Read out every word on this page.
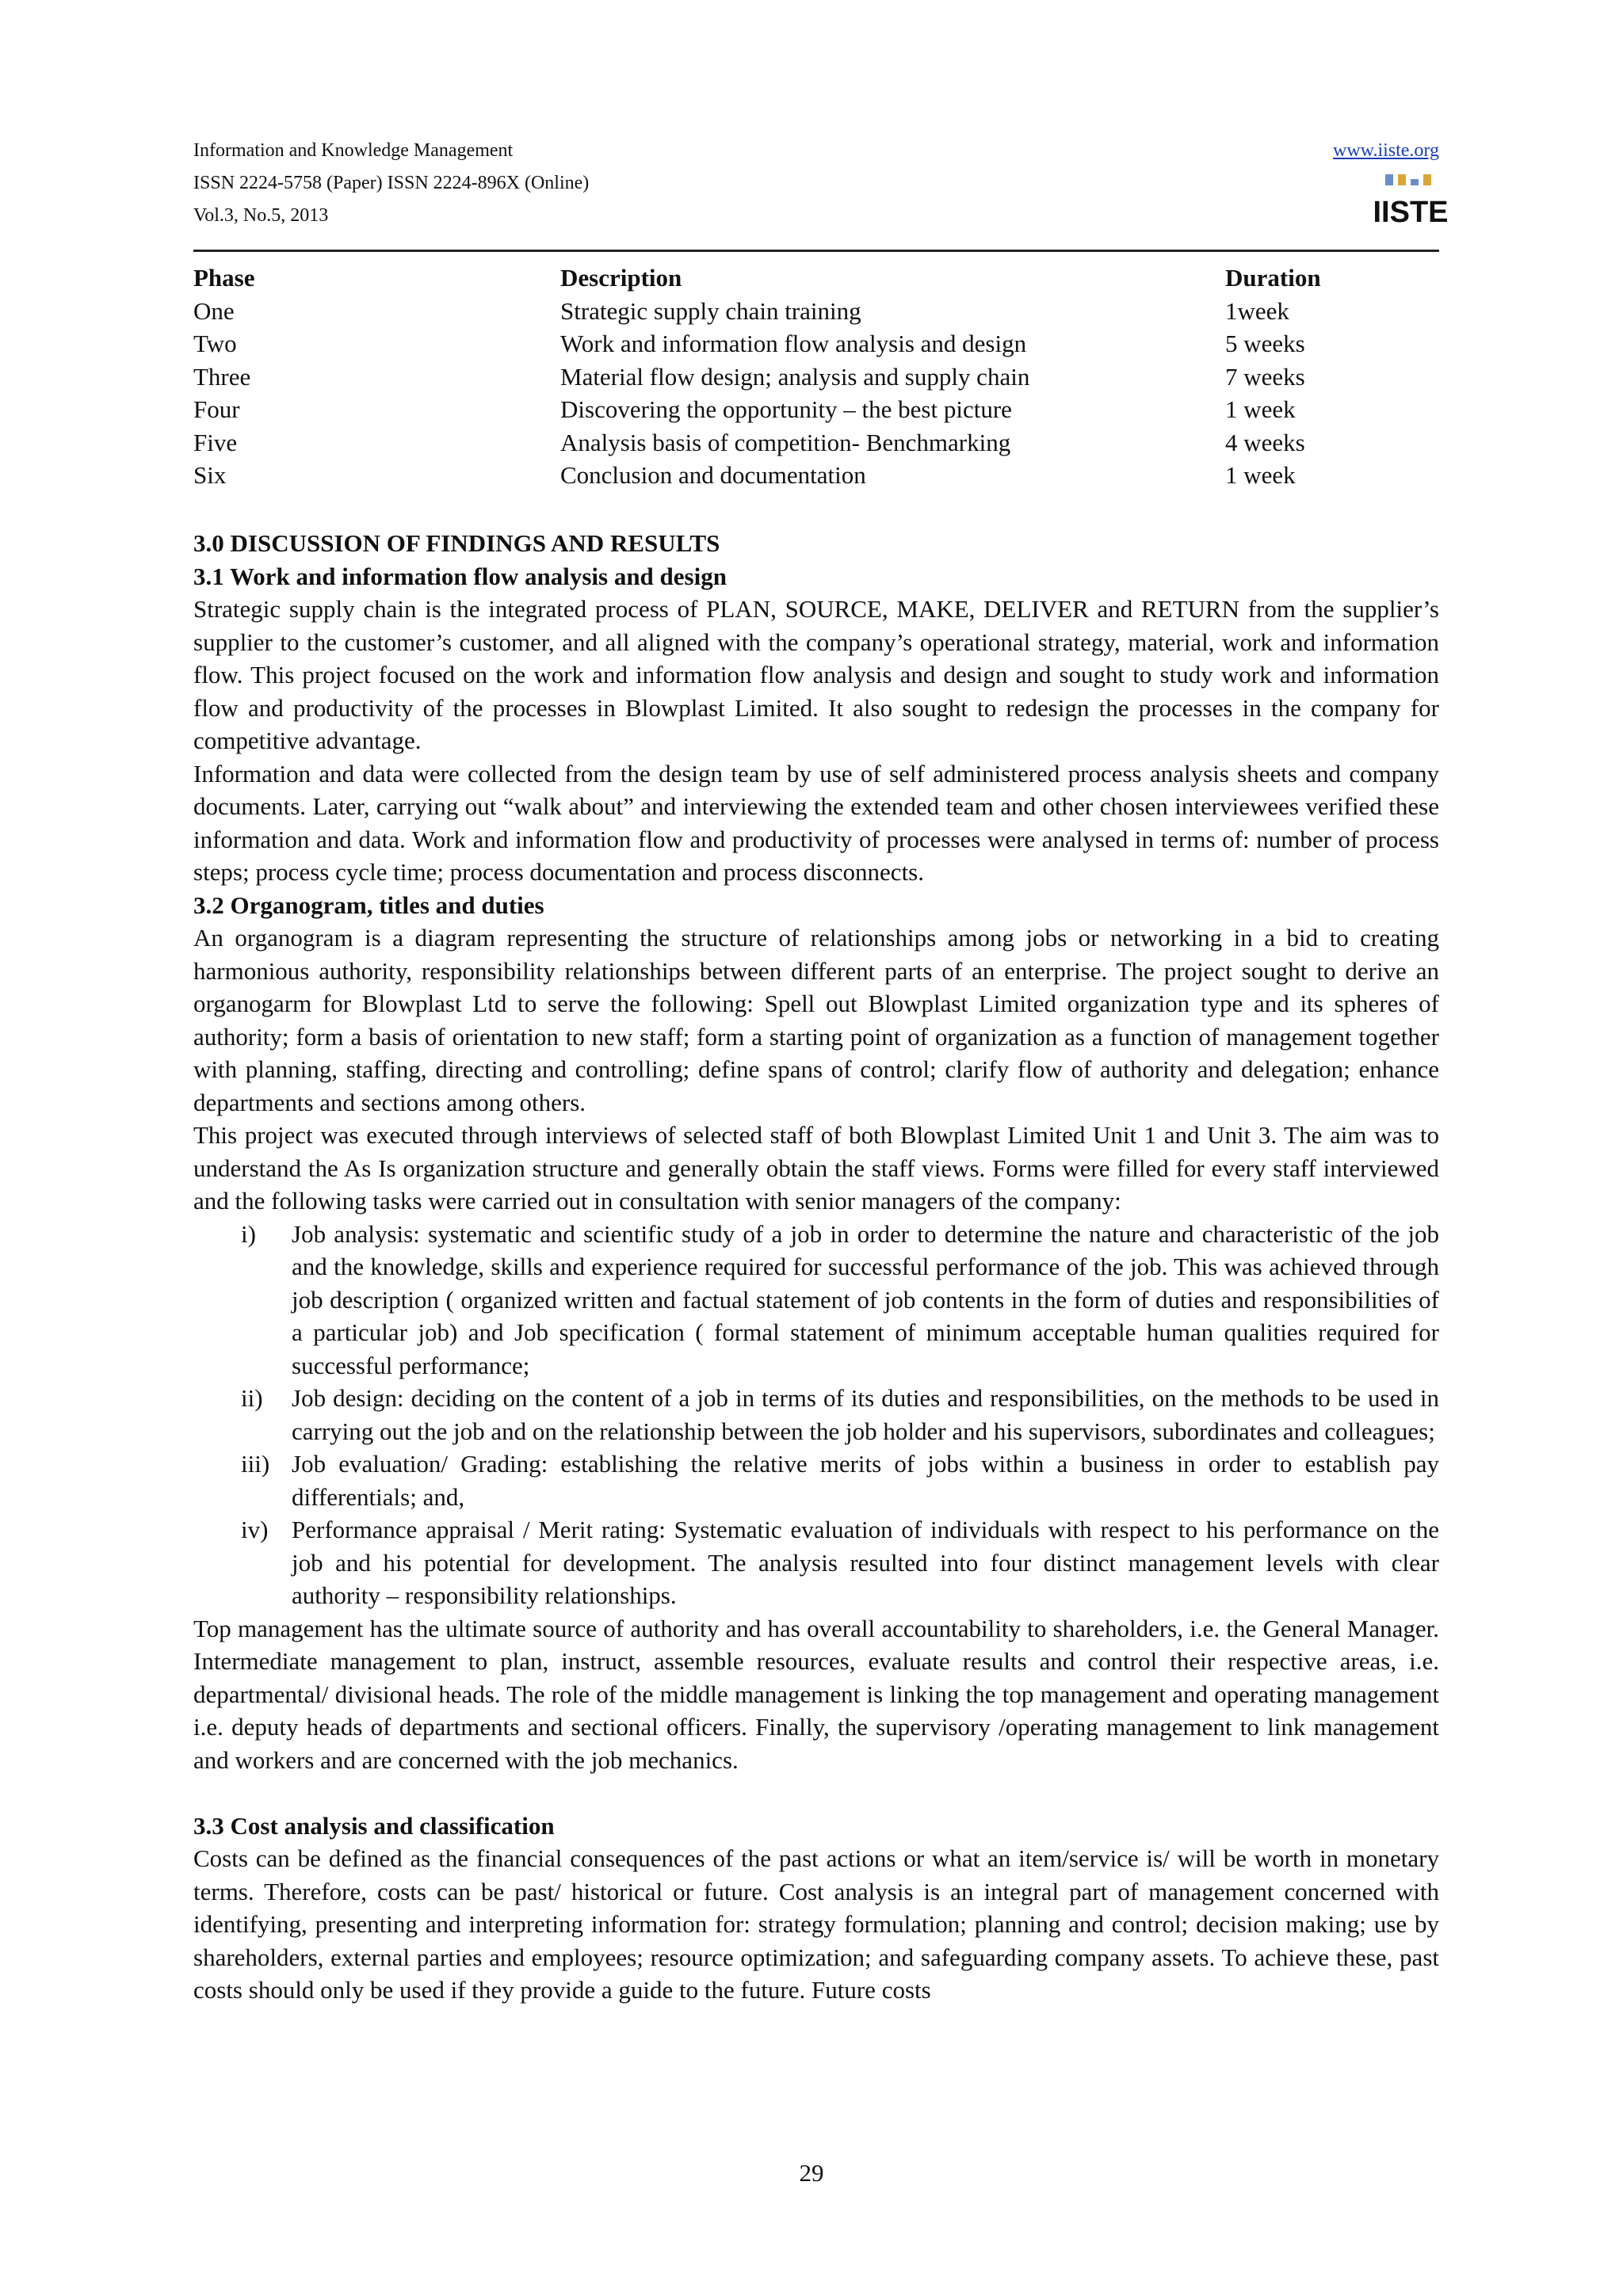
Information and Knowledge Management
ISSN 2224-5758 (Paper) ISSN 2224-896X (Online)
Vol.3, No.5, 2013
www.iiste.org
IISTE
Phase	Description	Duration
One	Strategic supply chain training	1week
Two	Work and information flow analysis and design	5 weeks
Three	Material flow design; analysis and supply chain	7 weeks
Four	Discovering the opportunity – the best picture	1 week
Five	Analysis basis of competition- Benchmarking	4 weeks
Six	Conclusion and documentation	1 week

3.0 DISCUSSION OF FINDINGS AND RESULTS

3.1 Work and information flow analysis and design

Strategic supply chain is the integrated process of PLAN, SOURCE, MAKE, DELIVER and RETURN from the supplier’s supplier to the customer’s customer, and all aligned with the company’s operational strategy, material, work and information flow. This project focused on the work and information flow analysis and design and sought to study work and information flow and productivity of the processes in Blowplast Limited. It also sought to redesign the processes in the company for competitive advantage.

Information and data were collected from the design team by use of self administered process analysis sheets and company documents. Later, carrying out “walk about” and interviewing the extended team and other chosen interviewees verified these information and data. Work and information flow and productivity of processes were analysed in terms of: number of process steps; process cycle time; process documentation and process disconnects.

3.2 Organogram, titles and duties

An organogram is a diagram representing the structure of relationships among jobs or networking in a bid to creating harmonious authority, responsibility relationships between different parts of an enterprise. The project sought to derive an organogarm for Blowplast Ltd to serve the following: Spell out Blowplast Limited organization type and its spheres of authority; form a basis of orientation to new staff; form a starting point of organization as a function of management together with planning, staffing, directing and controlling; define spans of control; clarify flow of authority and delegation; enhance departments and sections among others.

This project was executed through interviews of selected staff of both Blowplast Limited Unit 1 and Unit 3. The aim was to understand the As Is organization structure and generally obtain the staff views. Forms were filled for every staff interviewed and the following tasks were carried out in consultation with senior managers of the company:

i)	Job analysis: systematic and scientific study of a job in order to determine the nature and characteristic of the job and the knowledge, skills and experience required for successful performance of the job. This was achieved through job description ( organized written and factual statement of job contents in the form of duties and responsibilities of a particular job) and Job specification ( formal statement of minimum acceptable human qualities required for successful performance;
ii)	Job design: deciding on the content of a job in terms of its duties and responsibilities, on the methods to be used in carrying out the job and on the relationship between the job holder and his supervisors, subordinates and colleagues;
iii) Job evaluation/ Grading: establishing the relative merits of jobs within a business in order to establish pay differentials; and,
iv) Performance appraisal / Merit rating: Systematic evaluation of individuals with respect to his performance on the job and his potential for development. The analysis resulted into four distinct management levels with clear authority – responsibility relationships.

Top management has the ultimate source of authority and has overall accountability to shareholders, i.e. the General Manager. Intermediate management to plan, instruct, assemble resources, evaluate results and control their respective areas, i.e. departmental/ divisional heads. The role of the middle management is linking the top management and operating management i.e. deputy heads of departments and sectional officers. Finally, the supervisory /operating management to link management and workers and are concerned with the job mechanics.

3.3 Cost analysis and classification

Costs can be defined as the financial consequences of the past actions or what an item/service is/ will be worth in monetary terms. Therefore, costs can be past/ historical or future. Cost analysis is an integral part of management concerned with identifying, presenting and interpreting information for: strategy formulation; planning and control; decision making; use by shareholders, external parties and employees; resource optimization; and safeguarding company assets. To achieve these, past costs should only be used if they provide a guide to the future. Future costs

29
